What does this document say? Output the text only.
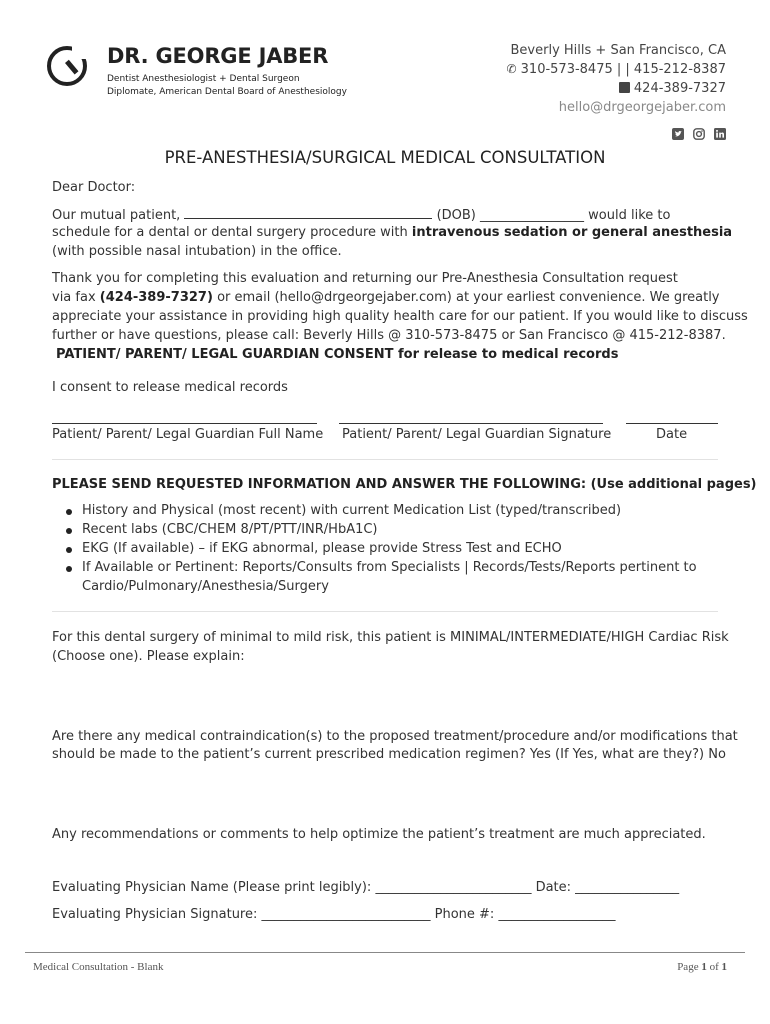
DR. GEORGE JABER
Dentist Anesthesiologist + Dental Surgeon
Diplomate, American Dental Board of Anesthesiology
Beverly Hills + San Francisco, CA
✆ 310-573-8475 | | 415-212-8387
424-389-7327
hello@drgeorgejaber.com
PRE-ANESTHESIA/SURGICAL MEDICAL CONSULTATION
Dear Doctor:
Our mutual patient,	(DOB) ________________ would like to
schedule for a dental or dental surgery procedure with intravenous sedation or general anesthesia
(with possible nasal intubation) in the office.
Thank you for completing this evaluation and returning our Pre-Anesthesia Consultation request
via fax (424-389-7327) or email (hello@drgeorgejaber.com) at your earliest convenience. We greatly
appreciate your assistance in providing high quality health care for our patient. If you would like to discuss
further or have questions, please call: Beverly Hills @ 310-573-8475 or San Francisco @ 415-212-8387.
PATIENT/ PARENT/ LEGAL GUARDIAN CONSENT for release to medical records
I consent to release medical records
Patient/ Parent/ Legal Guardian Full Name Patient/ Parent/ Legal Guardian Signature	Date
PLEASE SEND REQUESTED INFORMATION AND ANSWER THE FOLLOWING: (Use additional pages)
History and Physical (most recent) with current Medication List (typed/transcribed)
Recent labs (CBC/CHEM 8/PT/PTT/INR/HbA1C)
EKG (If available) – if EKG abnormal, please provide Stress Test and ECHO
If Available or Pertinent: Reports/Consults from Specialists | Records/Tests/Reports pertinent to
Cardio/Pulmonary/Anesthesia/Surgery
For this dental surgery of minimal to mild risk, this patient is MINIMAL/INTERMEDIATE/HIGH Cardiac Risk
(Choose one). Please explain:
Are there any medical contraindication(s) to the proposed treatment/procedure and/or modifications that
should be made to the patient’s current prescribed medication regimen? Yes (If Yes, what are they?) No
Any recommendations or comments to help optimize the patient’s treatment are much appreciated.
Evaluating Physician Name (Please print legibly): ________________________ Date: ________________
Evaluating Physician Signature: __________________________ Phone #: __________________
Medical Consultation - Blank	Page 1 of 1
